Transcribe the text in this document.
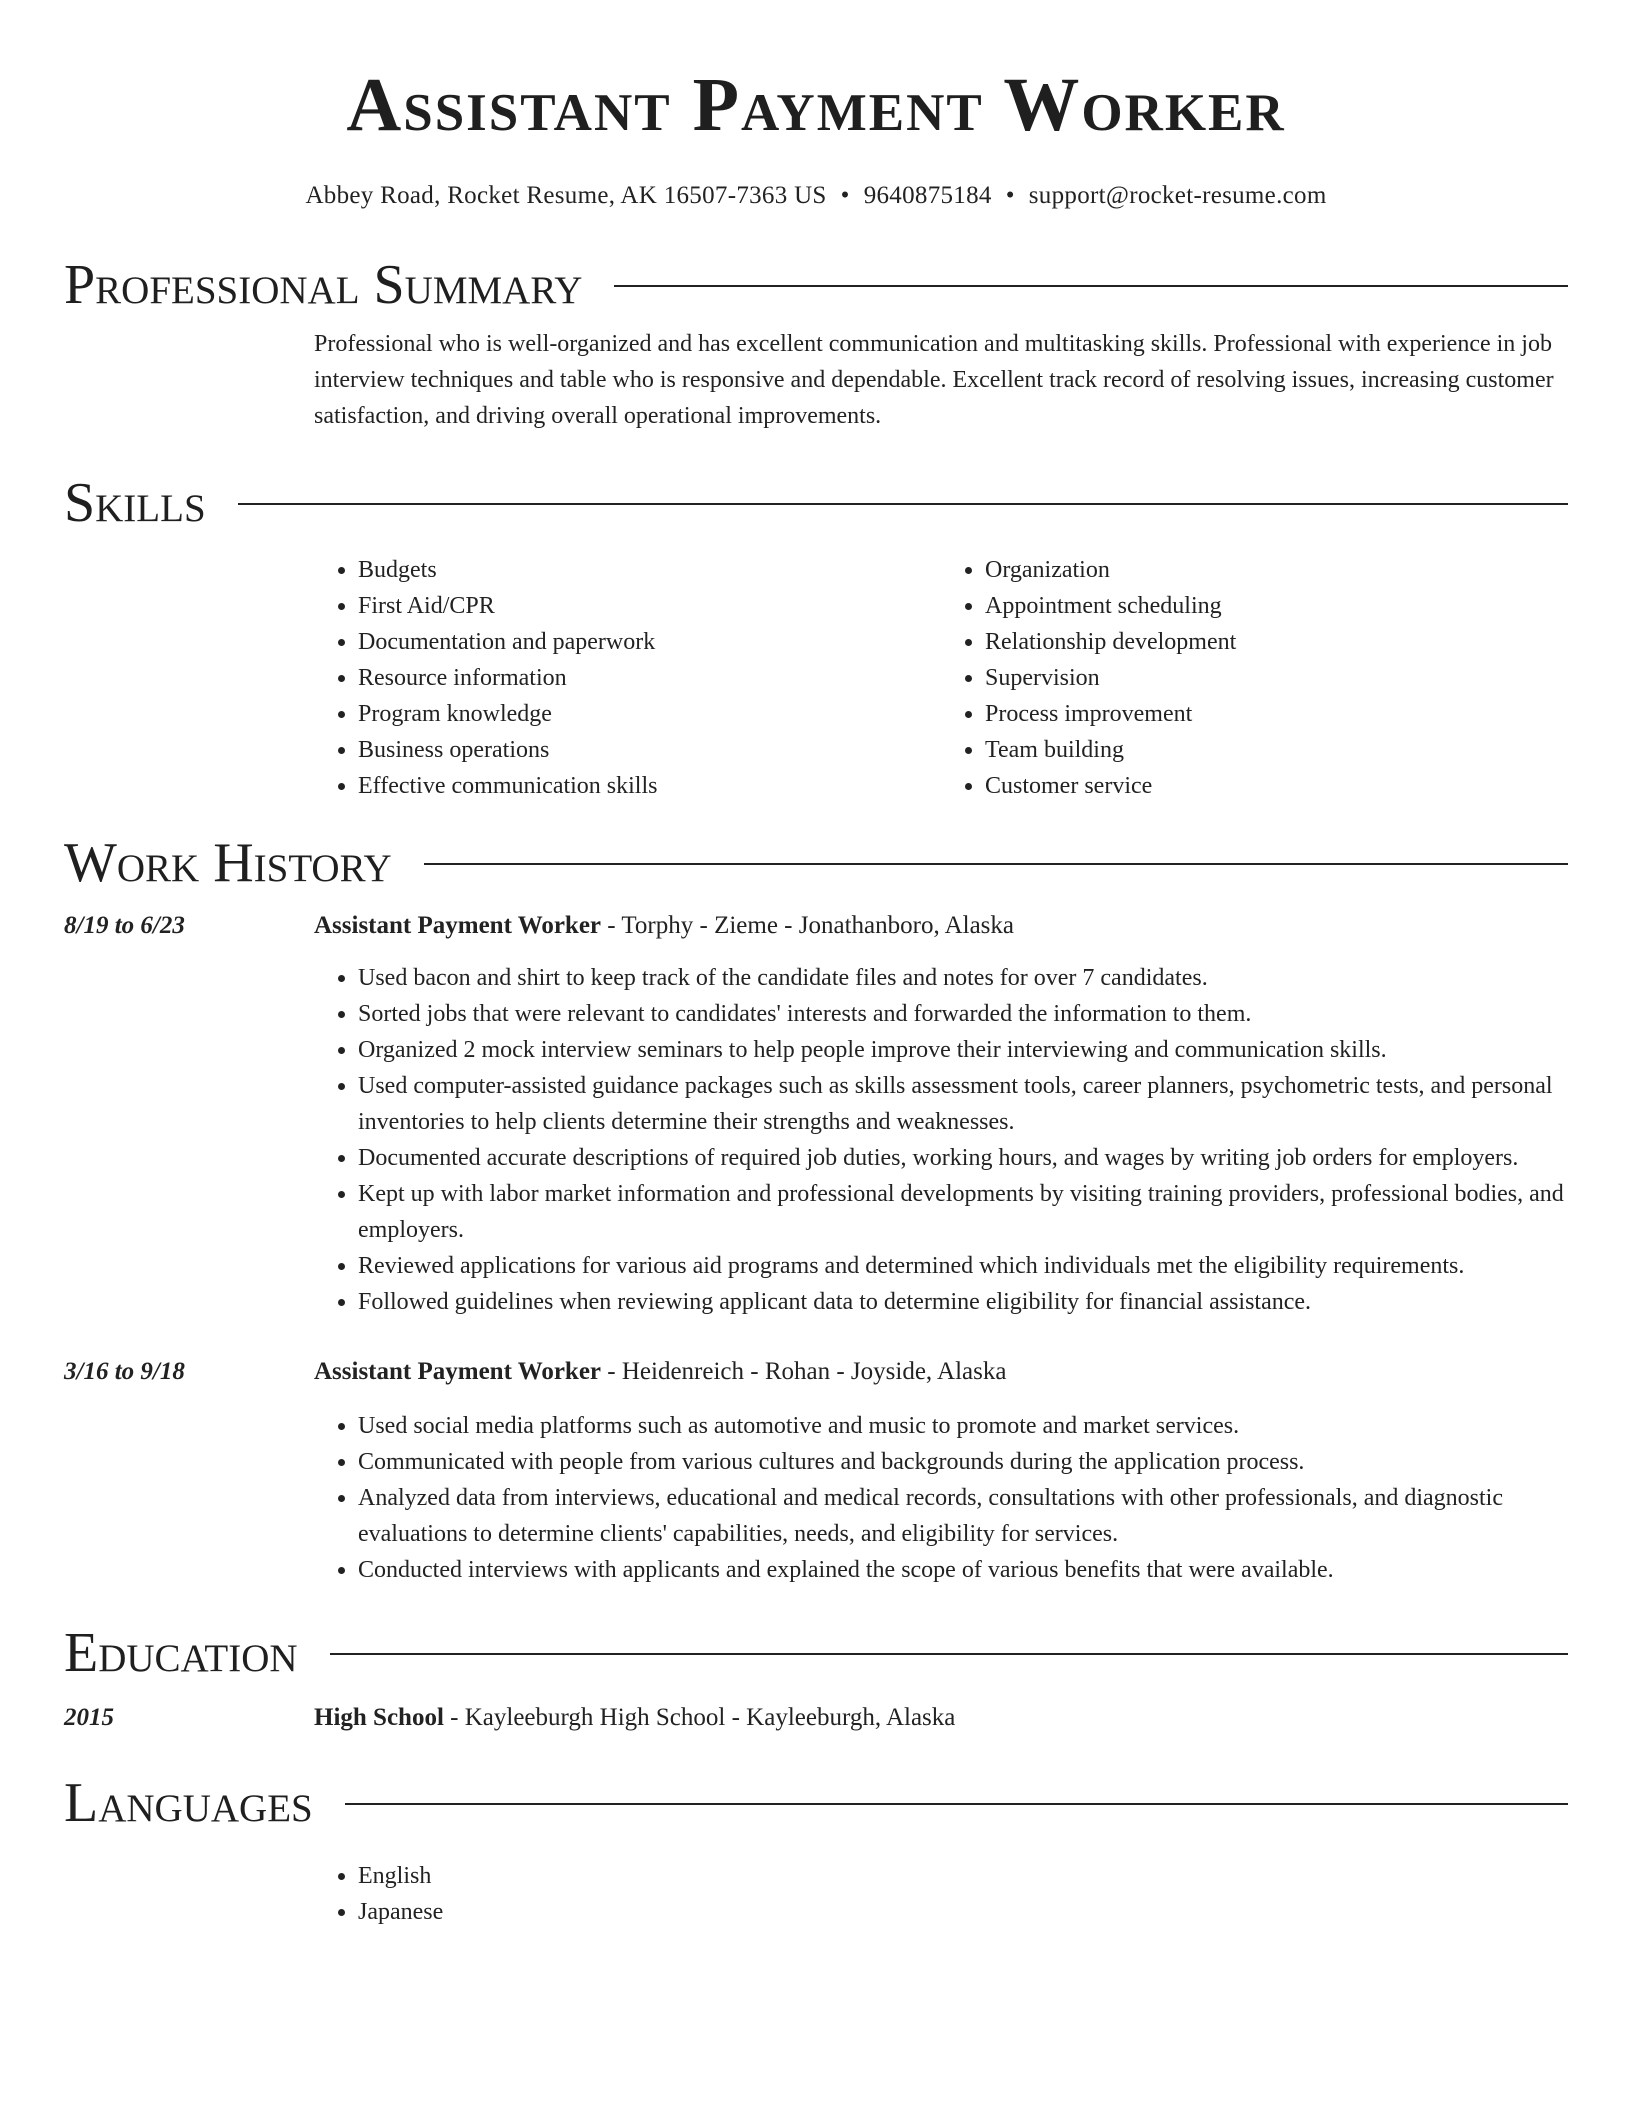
Assistant Payment Worker
Abbey Road, Rocket Resume, AK 16507-7363 US • 9640875184 • support@rocket-resume.com
Professional Summary
Professional who is well-organized and has excellent communication and multitasking skills. Professional with experience in job interview techniques and table who is responsive and dependable. Excellent track record of resolving issues, increasing customer satisfaction, and driving overall operational improvements.
Skills
• Budgets
• First Aid/CPR
• Documentation and paperwork
• Resource information
• Program knowledge
• Business operations
• Effective communication skills
• Organization
• Appointment scheduling
• Relationship development
• Supervision
• Process improvement
• Team building
• Customer service
Work History
8/19 to 6/23	Assistant Payment Worker - Torphy - Zieme - Jonathanboro, Alaska
• Used bacon and shirt to keep track of the candidate files and notes for over 7 candidates.
• Sorted jobs that were relevant to candidates' interests and forwarded the information to them.
• Organized 2 mock interview seminars to help people improve their interviewing and communication skills.
• Used computer-assisted guidance packages such as skills assessment tools, career planners, psychometric tests, and personal inventories to help clients determine their strengths and weaknesses.
• Documented accurate descriptions of required job duties, working hours, and wages by writing job orders for employers.
• Kept up with labor market information and professional developments by visiting training providers, professional bodies, and employers.
• Reviewed applications for various aid programs and determined which individuals met the eligibility requirements.
• Followed guidelines when reviewing applicant data to determine eligibility for financial assistance.
3/16 to 9/18	Assistant Payment Worker - Heidenreich - Rohan - Joyside, Alaska
• Used social media platforms such as automotive and music to promote and market services.
• Communicated with people from various cultures and backgrounds during the application process.
• Analyzed data from interviews, educational and medical records, consultations with other professionals, and diagnostic evaluations to determine clients' capabilities, needs, and eligibility for services.
• Conducted interviews with applicants and explained the scope of various benefits that were available.
Education
2015	High School - Kayleeburgh High School - Kayleeburgh, Alaska
Languages
• English
• Japanese
